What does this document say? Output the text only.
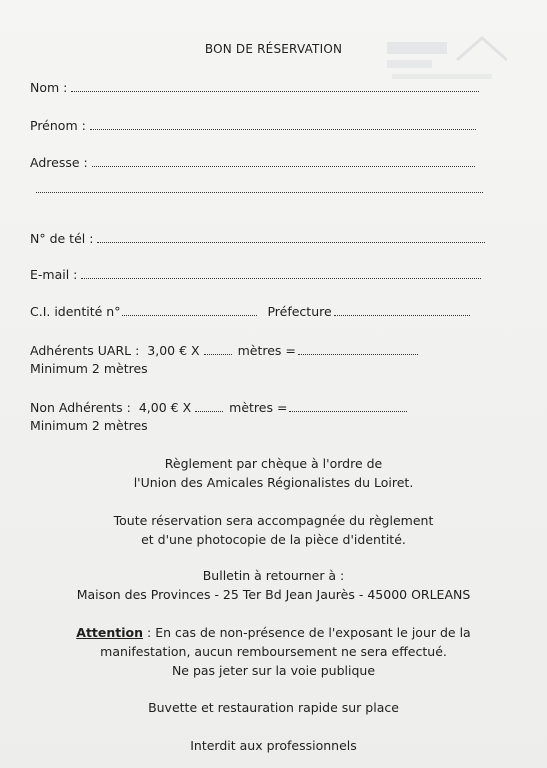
BON DE RÉSERVATION
Nom :
Prénom :
Adresse :
N° de tél :
E-mail :
C.I. identité n°	Préfecture
Adhérents UARL : 3,00 € X	mètres =
Minimum 2 mètres
Non Adhérents : 4,00 € X	mètres =
Minimum 2 mètres
Règlement par chèque à l'ordre de
l'Union des Amicales Régionalistes du Loiret.
Toute réservation sera accompagnée du règlement
et d'une photocopie de la pièce d'identité.
Bulletin à retourner à :
Maison des Provinces - 25 Ter Bd Jean Jaurès - 45000 ORLEANS
Attention : En cas de non-présence de l'exposant le jour de la
manifestation, aucun remboursement ne sera effectué.
Ne pas jeter sur la voie publique
Buvette et restauration rapide sur place
Interdit aux professionnels
